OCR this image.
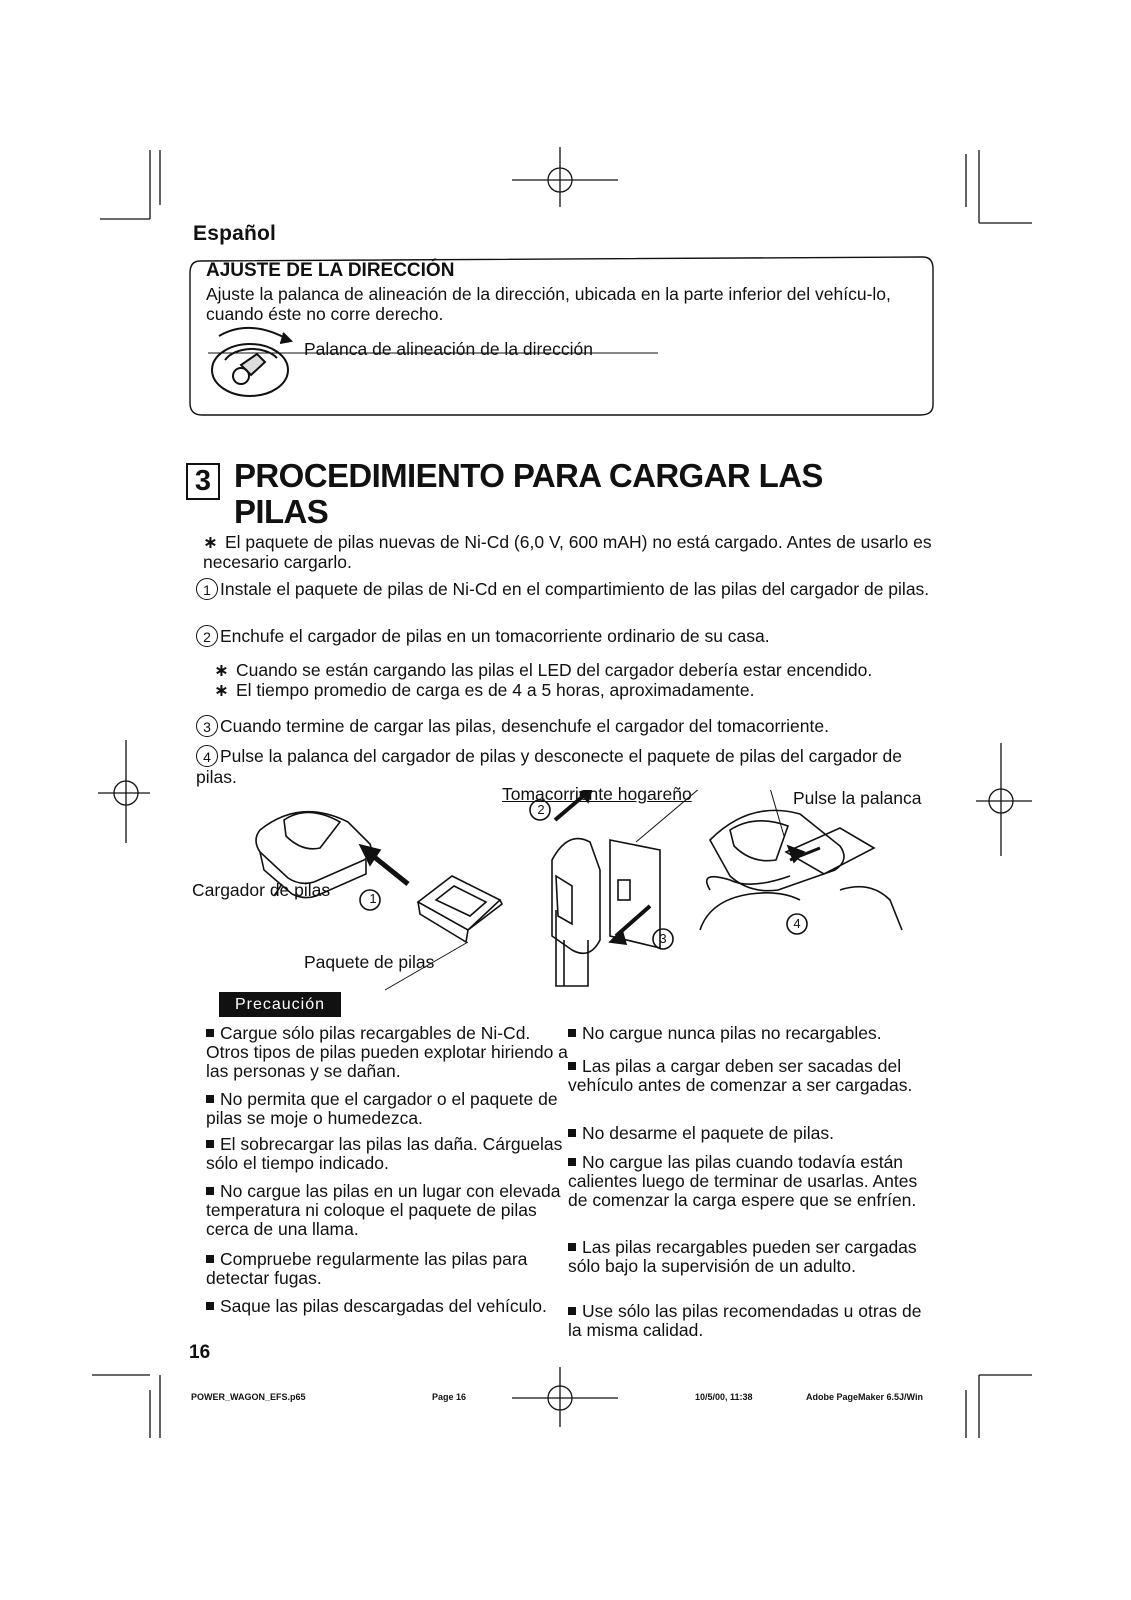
Español
AJUSTE DE LA DIRECCIÓN
Ajuste la palanca de alineación de la dirección, ubicada en la parte inferior del vehícu-lo, cuando éste no corre derecho.
Palanca de alineación de la dirección
3 PROCEDIMIENTO PARA CARGAR LAS PILAS
∗ El paquete de pilas nuevas de Ni-Cd (6,0 V, 600 mAH) no está cargado. Antes de usarlo es necesario cargarlo.
1 Instale el paquete de pilas de Ni-Cd en el compartimiento de las pilas del cargador de pilas.
2 Enchufe el cargador de pilas en un tomacorriente ordinario de su casa.
∗ Cuando se están cargando las pilas el LED del cargador debería estar encendido.
∗ El tiempo promedio de carga es de 4 a 5 horas, aproximadamente.
3 Cuando termine de cargar las pilas, desenchufe el cargador del tomacorriente.
4 Pulse la palanca del cargador de pilas y desconecte el paquete de pilas del cargador de pilas.
Tomacorriente hogareño	Pulse la palanca
Cargador de pilas
Paquete de pilas
1
2
3
4
Precaución
Cargue sólo pilas recargables de Ni-Cd. Otros tipos de pilas pueden explotar hiriendo a las personas y se dañan.
No permita que el cargador o el paquete de pilas se moje o humedezca.
El sobrecargar las pilas las daña. Cárguelas sólo el tiempo indicado.
No cargue las pilas en un lugar con elevada temperatura ni coloque el paquete de pilas cerca de una llama.
Compruebe regularmente las pilas para detectar fugas.
Saque las pilas descargadas del vehículo.
No cargue nunca pilas no recargables.
Las pilas a cargar deben ser sacadas del vehículo antes de comenzar a ser cargadas.
No desarme el paquete de pilas.
No cargue las pilas cuando todavía están calientes luego de terminar de usarlas. Antes de comenzar la carga espere que se enfríen.
Las pilas recargables pueden ser cargadas sólo bajo la supervisión de un adulto.
Use sólo las pilas recomendadas u otras de la misma calidad.
16
POWER_WAGON_EFS.p65	Page 16	10/5/00, 11:38	Adobe PageMaker 6.5J/Win
